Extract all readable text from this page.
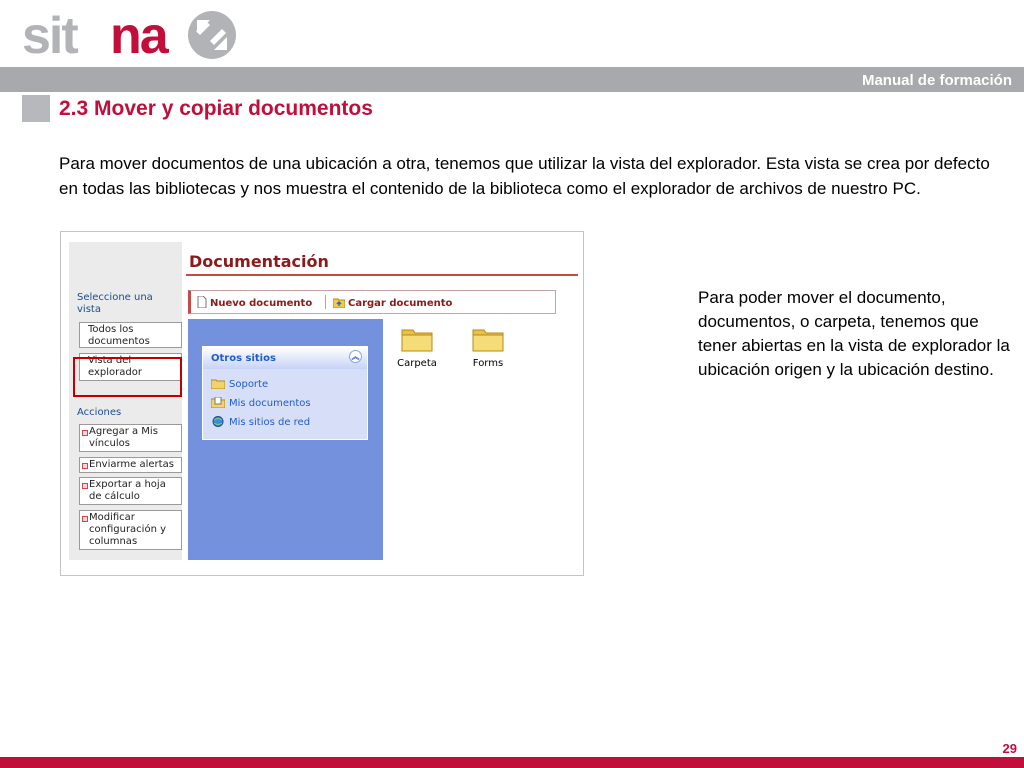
sit na
Manual de formación
2.3 Mover y copiar documentos

Para mover documentos de una ubicación a otra, tenemos que utilizar la vista del explorador. Esta vista se crea por defecto en todas las bibliotecas y nos muestra el contenido de la biblioteca como el explorador de archivos de nuestro PC.

Seleccione una vista
Todos los documentos
Vista del explorador
Acciones
Agregar a Mis vínculos
Enviarme alertas
Exportar a hoja de cálculo
Modificar configuración y columnas
Documentación
Nuevo documento	Cargar documento
Otros sitios	︽
Soporte
Mis documentos
Mis sitios de red
Carpeta	Forms

Para poder mover el documento, documentos, o carpeta, tenemos que tener abiertas en la vista de explorador la ubicación origen y la ubicación destino.

29
